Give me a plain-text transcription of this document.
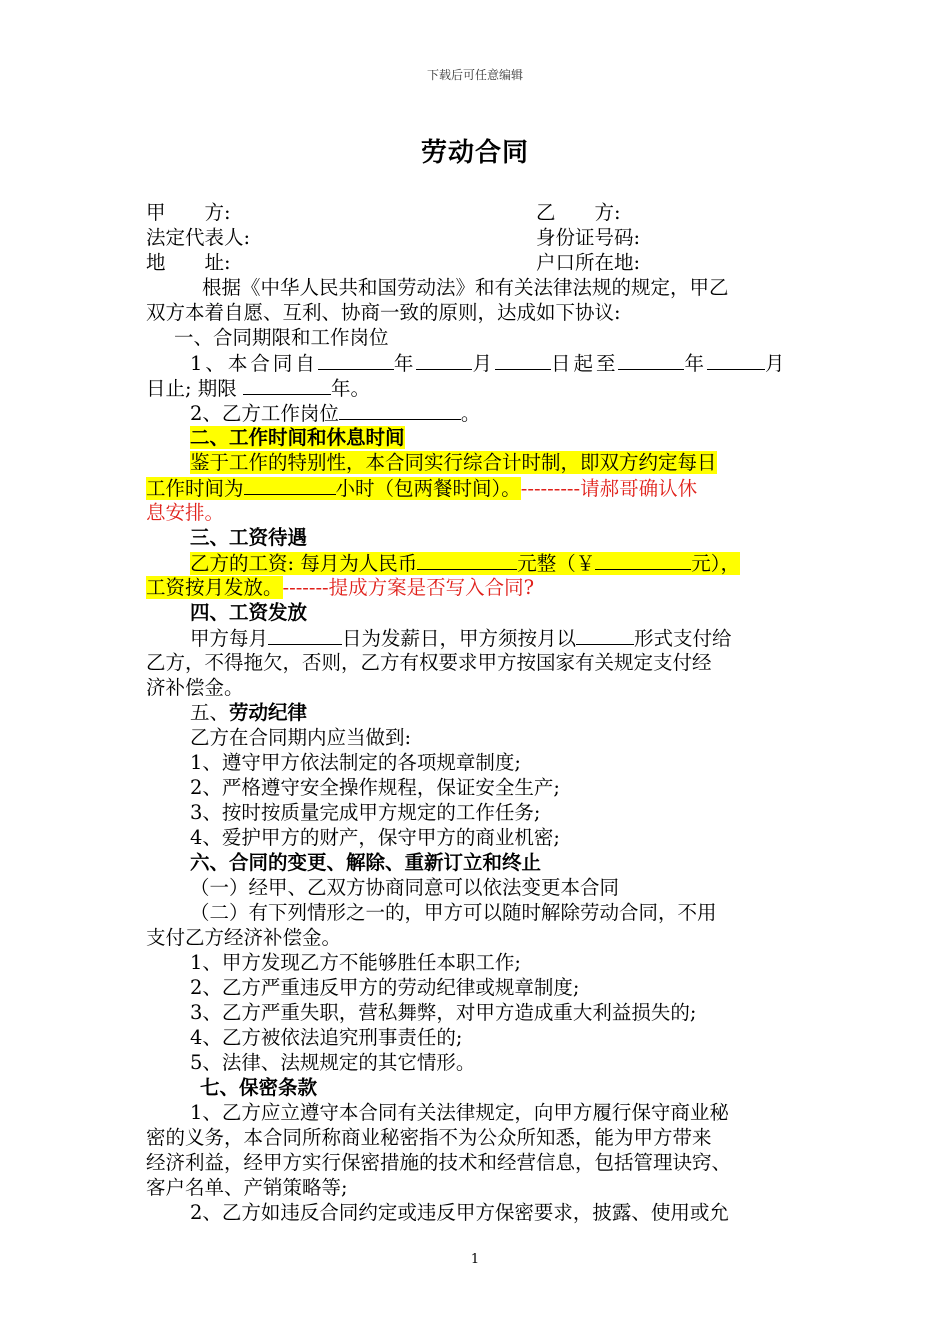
下载后可任意编辑
劳动合同
甲　　方:	乙　　方:
法定代表人:	身份证号码:
地　　址:	户口所在地:
根据《中华人民共和国劳动法》和有关法律法规的规定，甲乙
双方本着自愿、互利、协商一致的原则，达成如下协议:
一、合同期限和工作岗位
1、本合同自	年	月	日起至	年	月
日止; 期限	年。
2、乙方工作岗位	。
二、工作时间和休息时间
鉴于工作的特别性，本合同实行综合计时制，即双方约定每日
工作时间为	小时（包两餐时间）。---------请郝哥确认休
息安排。
三、工资待遇
乙方的工资: 每月为人民币	元整（￥	元），
工资按月发放。-------提成方案是否写入合同?
四、工资发放
甲方每月	日为发薪日，甲方须按月以	形式支付给
乙方，不得拖欠，否则，乙方有权要求甲方按国家有关规定支付经
济补偿金。
五、劳动纪律
乙方在合同期内应当做到:
1、遵守甲方依法制定的各项规章制度;
2、严格遵守安全操作规程，保证安全生产;
3、按时按质量完成甲方规定的工作任务;
4、爱护甲方的财产，保守甲方的商业机密;
六、合同的变更、解除、重新订立和终止
（一）经甲、乙双方协商同意可以依法变更本合同
（二）有下列情形之一的，甲方可以随时解除劳动合同，不用
支付乙方经济补偿金。
1、甲方发现乙方不能够胜任本职工作;
2、乙方严重违反甲方的劳动纪律或规章制度;
3、乙方严重失职，营私舞弊，对甲方造成重大利益损失的;
4、乙方被依法追究刑事责任的;
5、法律、法规规定的其它情形。
七、保密条款
1、乙方应立遵守本合同有关法律规定，向甲方履行保守商业秘
密的义务，本合同所称商业秘密指不为公众所知悉，能为甲方带来
经济利益，经甲方实行保密措施的技术和经营信息，包括管理诀窍、
客户名单、产销策略等;
2、乙方如违反合同约定或违反甲方保密要求，披露、使用或允
1
